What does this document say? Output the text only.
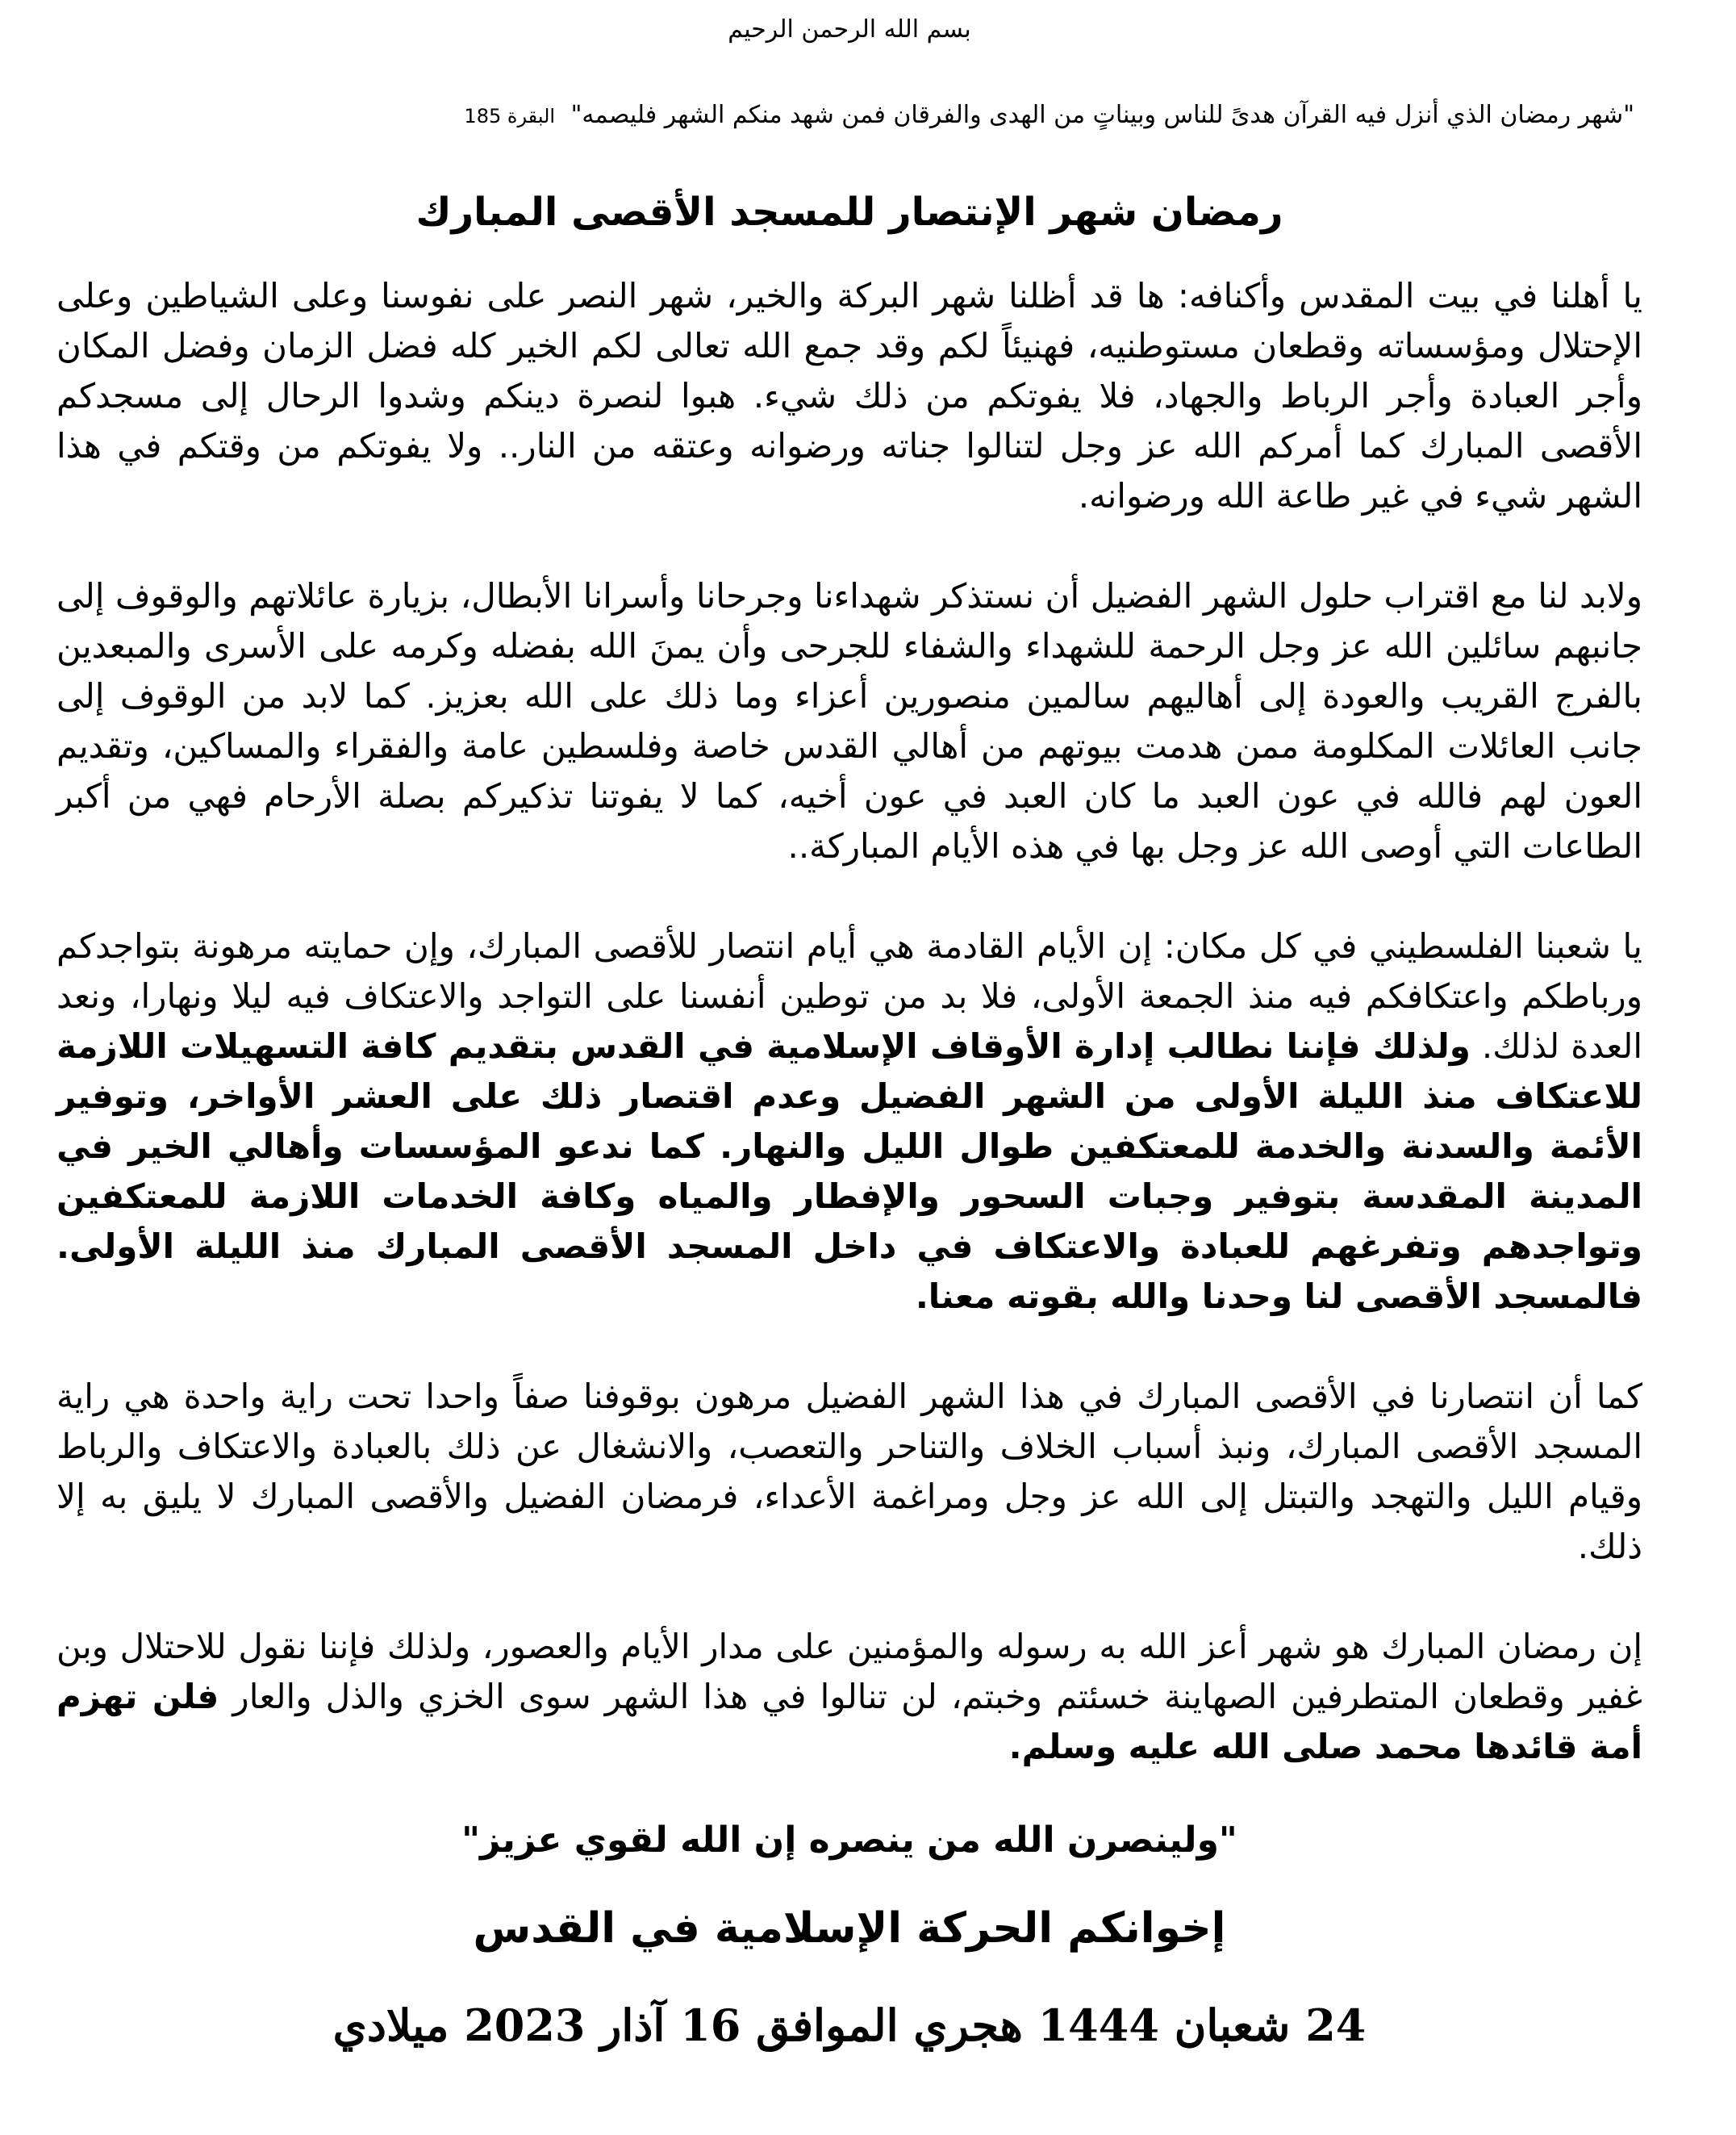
بسم الله الرحمن الرحيم
"شهر رمضان الذي أنزل فيه القرآن هدىً للناس وبيناتٍ من الهدى والفرقان فمن شهد منكم الشهر فليصمه" البقرة 185
رمضان شهر الإنتصار للمسجد الأقصى المبارك

يا أهلنا في بيت المقدس وأكنافه: ها قد أظلنا شهر البركة والخير، شهر النصر على نفوسنا وعلى الشياطين وعلى الإحتلال ومؤسساته وقطعان مستوطنيه، فهنيئاً لكم وقد جمع الله تعالى لكم الخير كله فضل الزمان وفضل المكان وأجر العبادة وأجر الرباط والجهاد، فلا يفوتكم من ذلك شيء. هبوا لنصرة دينكم وشدوا الرحال إلى مسجدكم الأقصى المبارك كما أمركم الله عز وجل لتنالوا جناته ورضوانه وعتقه من النار.. ولا يفوتكم من وقتكم في هذا الشهر شيء في غير طاعة الله ورضوانه.

ولابد لنا مع اقتراب حلول الشهر الفضيل أن نستذكر شهداءنا وجرحانا وأسرانا الأبطال، بزيارة عائلاتهم والوقوف إلى جانبهم سائلين الله عز وجل الرحمة للشهداء والشفاء للجرحى وأن يمنَ الله بفضله وكرمه على الأسرى والمبعدين بالفرج القريب والعودة إلى أهاليهم سالمين منصورين أعزاء وما ذلك على الله بعزيز. كما لابد من الوقوف إلى جانب العائلات المكلومة ممن هدمت بيوتهم من أهالي القدس خاصة وفلسطين عامة والفقراء والمساكين، وتقديم العون لهم فالله في عون العبد ما كان العبد في عون أخيه، كما لا يفوتنا تذكيركم بصلة الأرحام فهي من أكبر الطاعات التي أوصى الله عز وجل بها في هذه الأيام المباركة..

يا شعبنا الفلسطيني في كل مكان: إن الأيام القادمة هي أيام انتصار للأقصى المبارك، وإن حمايته مرهونة بتواجدكم ورباطكم واعتكافكم فيه منذ الجمعة الأولى، فلا بد من توطين أنفسنا على التواجد والاعتكاف فيه ليلا ونهارا، ونعد العدة لذلك. ولذلك فإننا نطالب إدارة الأوقاف الإسلامية في القدس بتقديم كافة التسهيلات اللازمة للاعتكاف منذ الليلة الأولى من الشهر الفضيل وعدم اقتصار ذلك على العشر الأواخر، وتوفير الأئمة والسدنة والخدمة للمعتكفين طوال الليل والنهار. كما ندعو المؤسسات وأهالي الخير في المدينة المقدسة بتوفير وجبات السحور والإفطار والمياه وكافة الخدمات اللازمة للمعتكفين وتواجدهم وتفرغهم للعبادة والاعتكاف في داخل المسجد الأقصى المبارك منذ الليلة الأولى. فالمسجد الأقصى لنا وحدنا والله بقوته معنا.

كما أن انتصارنا في الأقصى المبارك في هذا الشهر الفضيل مرهون بوقوفنا صفاً واحدا تحت راية واحدة هي راية المسجد الأقصى المبارك، ونبذ أسباب الخلاف والتناحر والتعصب، والانشغال عن ذلك بالعبادة والاعتكاف والرباط وقيام الليل والتهجد والتبتل إلى الله عز وجل ومراغمة الأعداء، فرمضان الفضيل والأقصى المبارك لا يليق به إلا ذلك.

إن رمضان المبارك هو شهر أعز الله به رسوله والمؤمنين على مدار الأيام والعصور، ولذلك فإننا نقول للاحتلال وبن غفير وقطعان المتطرفين الصهاينة خسئتم وخبتم، لن تنالوا في هذا الشهر سوى الخزي والذل والعار فلن تهزم أمة قائدها محمد صلى الله عليه وسلم.

"ولينصرن الله من ينصره إن الله لقوي عزيز"
إخوانكم الحركة الإسلامية في القدس
24 شعبان 1444 هجري الموافق 16 آذار 2023 ميلادي
